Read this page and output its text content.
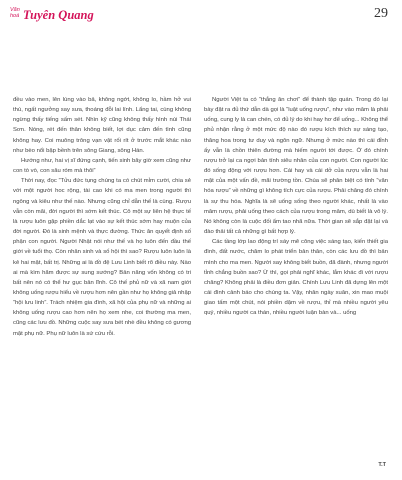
Văn
hoá Tuyên Quang	29

đều vào men, lên lúng vào bả, không ngớt, không lo, hầm hở vui thú, ngất ngưởng say sưa, thoáng đỗi lai lính. Lẩng tai, cùng không ngừng thấy tiếng sấm sét. Nhìn kỹ cũng không thấy hình núi Thái Sơn. Nóng, rét đến thân không biết, lợi dục cảm đến tình cũng không hay. Coi muông trông vạn vật rối rít ở trước mắt khác nào như bèo nổi bập bềnh trên sông Giang, sông Hán.

Hướng như, hai vị sĩ đứng cạnh, tiến sinh bây giờ xem cũng như con tò vò, con sâu róm mà thôi”

Thời nay, đọc “Tửu đức tụng chúng ta có chút mỉm cười, chia sẻ với một người hoc rộng, tài cao khi có ma men trong người thì ngông và kiêu như thế nào. Nhưng cũng chỉ dẫn thế là cùng. Rượu vẫn còn mãi, đời người thì sớm kết thúc. Cô một sự liên hệ thực tế là rượu luôn gặp phiền dắc lạt vào sự kết thúc sớm hay muộn của đời người. Đó là sinh mệnh và thực đường. Thức ăn quyết định số phận con người. Người Nhật nói như thế và họ luôn đến đầu thế giới về tuổi thọ. Còn nhân sinh và số hội thì sao? Rượu luôn luôn là kẻ hai mặt, bất trị. Những ai là đồ đệ Lưu Linh biết rõ điều này. Nào ai mà kìm hãm được sự sung sướng? Bản năng vốn không có tri bất nên nó có thể hư gục bản lĩnh. Cô thế phủ nữ và xã nam giới không uống rượu hiểu về rượu hơn nên gần như họ không giả nhập “hội lưu linh”. Trách nhiệm gia đình, xã hội của phụ nữ và những ai không uống rượu cao hơn nên họ xem nhe, coi thường ma men, cũng các lưu đồ. Những cuộc say sưa bét nhè đều không có gương mặt phụ nữ. Phụ nữ luôn là sứ cứu rỗi.

Người Việt ta có “thắng ăn chơi” để thành tập quán. Trong đó lại bày đặt ra đủ thứ dẫn dà gọi là “luật uống rượu”, như vào mâm là phải uống, cung ly là can chén, có đủ lý do khi hay hơ để uống... Không thể phủ nhận rằng ở một mức độ nào đó rượu kích thích sự sáng tạo, thăng hoa trong tư duy và ngôn ngữ. Nhưng ở mức nào thì cái đỉnh ấy vẫn là chồn thiên đường mà hiếm người tới được. Ở đó chính rượu trở lại ca ngợi bản tính siêu nhân của con người. Con người lúc đó sống động với rượu hơn. Cái hay và cái dở của rượu vẫn là hai mặt của một vấn đề, mãi trường tồn. Chúa sẽ phân biệt có tính “văn hóa rượu” về những gì không tích cực của rượu. Phải chăng đó chính là sự thu hóa. Nghĩa là sẽ uống sống theo người khác, nhất là vào mâm rượu, phải uống theo cách của rượu trong mâm, dù biết là vô lý. Nó không còn là cuộc đối ẩm tao nhã nữa. Thời gian sẽ sắp đặt lại và đào thải tất cả những gì bất hợp lý.

Các tầng lớp lao động trí sáy mê công việc sáng tạo, kiến thiết gia đình, đất nước, chăm lo phát triển bản thân, còn các lưu đồ thì bản mình cho ma men. Người say không biết buồn, đã đành, nhưng người tỉnh chắng buồn sao? Ừ thì, gọi phải nghĩ khác, lắm khác đi với rượu chăng? Không phải là điều đơn giản. Chính Lưu Linh đã dựng lên một cái đình cảnh báo cho chúng ta. Vậy, nhân ngày xuân, xin mao muội giao tấm một chút, nói phiền dặm về rượu, thỉ mà nhiều người yêu quý, nhiều người ca thán, nhiều người luận bàn và... uống

T.T
